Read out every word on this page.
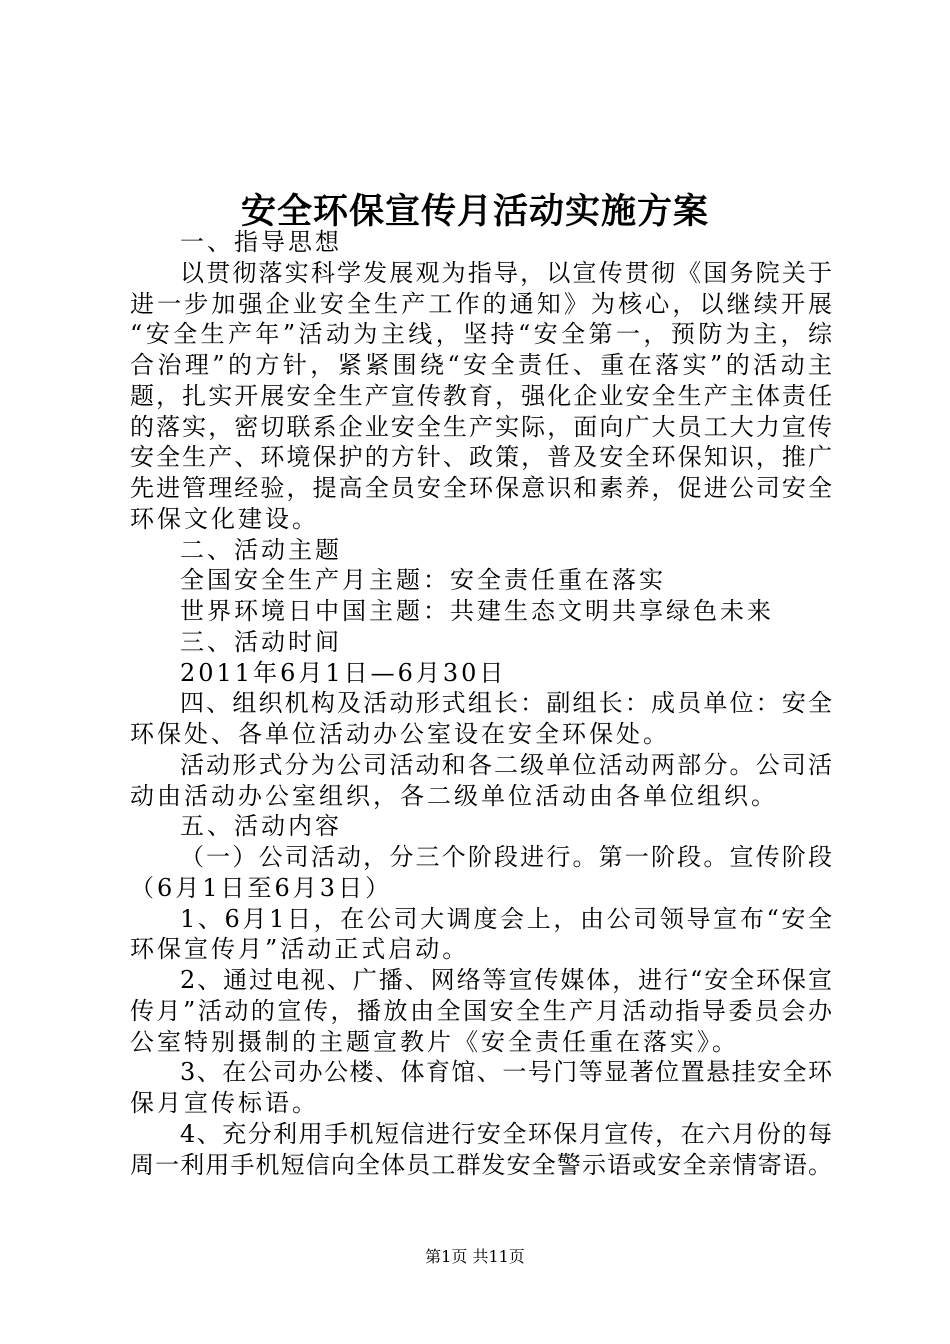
安全环保宣传月活动实施方案
一、指导思想
以贯彻落实科学发展观为指导，以宣传贯彻《国务院关于
进一步加强企业安全生产工作的通知》为核心，以继续开展
“安全生产年”活动为主线，坚持“安全第一，预防为主，综
合治理”的方针，紧紧围绕“安全责任、重在落实”的活动主
题，扎实开展安全生产宣传教育，强化企业安全生产主体责任
的落实，密切联系企业安全生产实际，面向广大员工大力宣传
安全生产、环境保护的方针、政策，普及安全环保知识，推广
先进管理经验，提高全员安全环保意识和素养，促进公司安全
环保文化建设。
二、活动主题
全国安全生产月主题：安全责任重在落实
世界环境日中国主题：共建生态文明共享绿色未来
三、活动时间
2011年6月1日—6月30日
四、组织机构及活动形式组长：副组长：成员单位：安全
环保处、各单位活动办公室设在安全环保处。
活动形式分为公司活动和各二级单位活动两部分。公司活
动由活动办公室组织，各二级单位活动由各单位组织。
五、活动内容
（一）公司活动，分三个阶段进行。第一阶段。宣传阶段
（6月1日至6月3日）
1、6月1日，在公司大调度会上，由公司领导宣布“安全
环保宣传月”活动正式启动。
2、通过电视、广播、网络等宣传媒体，进行“安全环保宣
传月”活动的宣传，播放由全国安全生产月活动指导委员会办
公室特别摄制的主题宣教片《安全责任重在落实》。
3、在公司办公楼、体育馆、一号门等显著位置悬挂安全环
保月宣传标语。
4、充分利用手机短信进行安全环保月宣传，在六月份的每
周一利用手机短信向全体员工群发安全警示语或安全亲情寄语。
第1页 共11页
